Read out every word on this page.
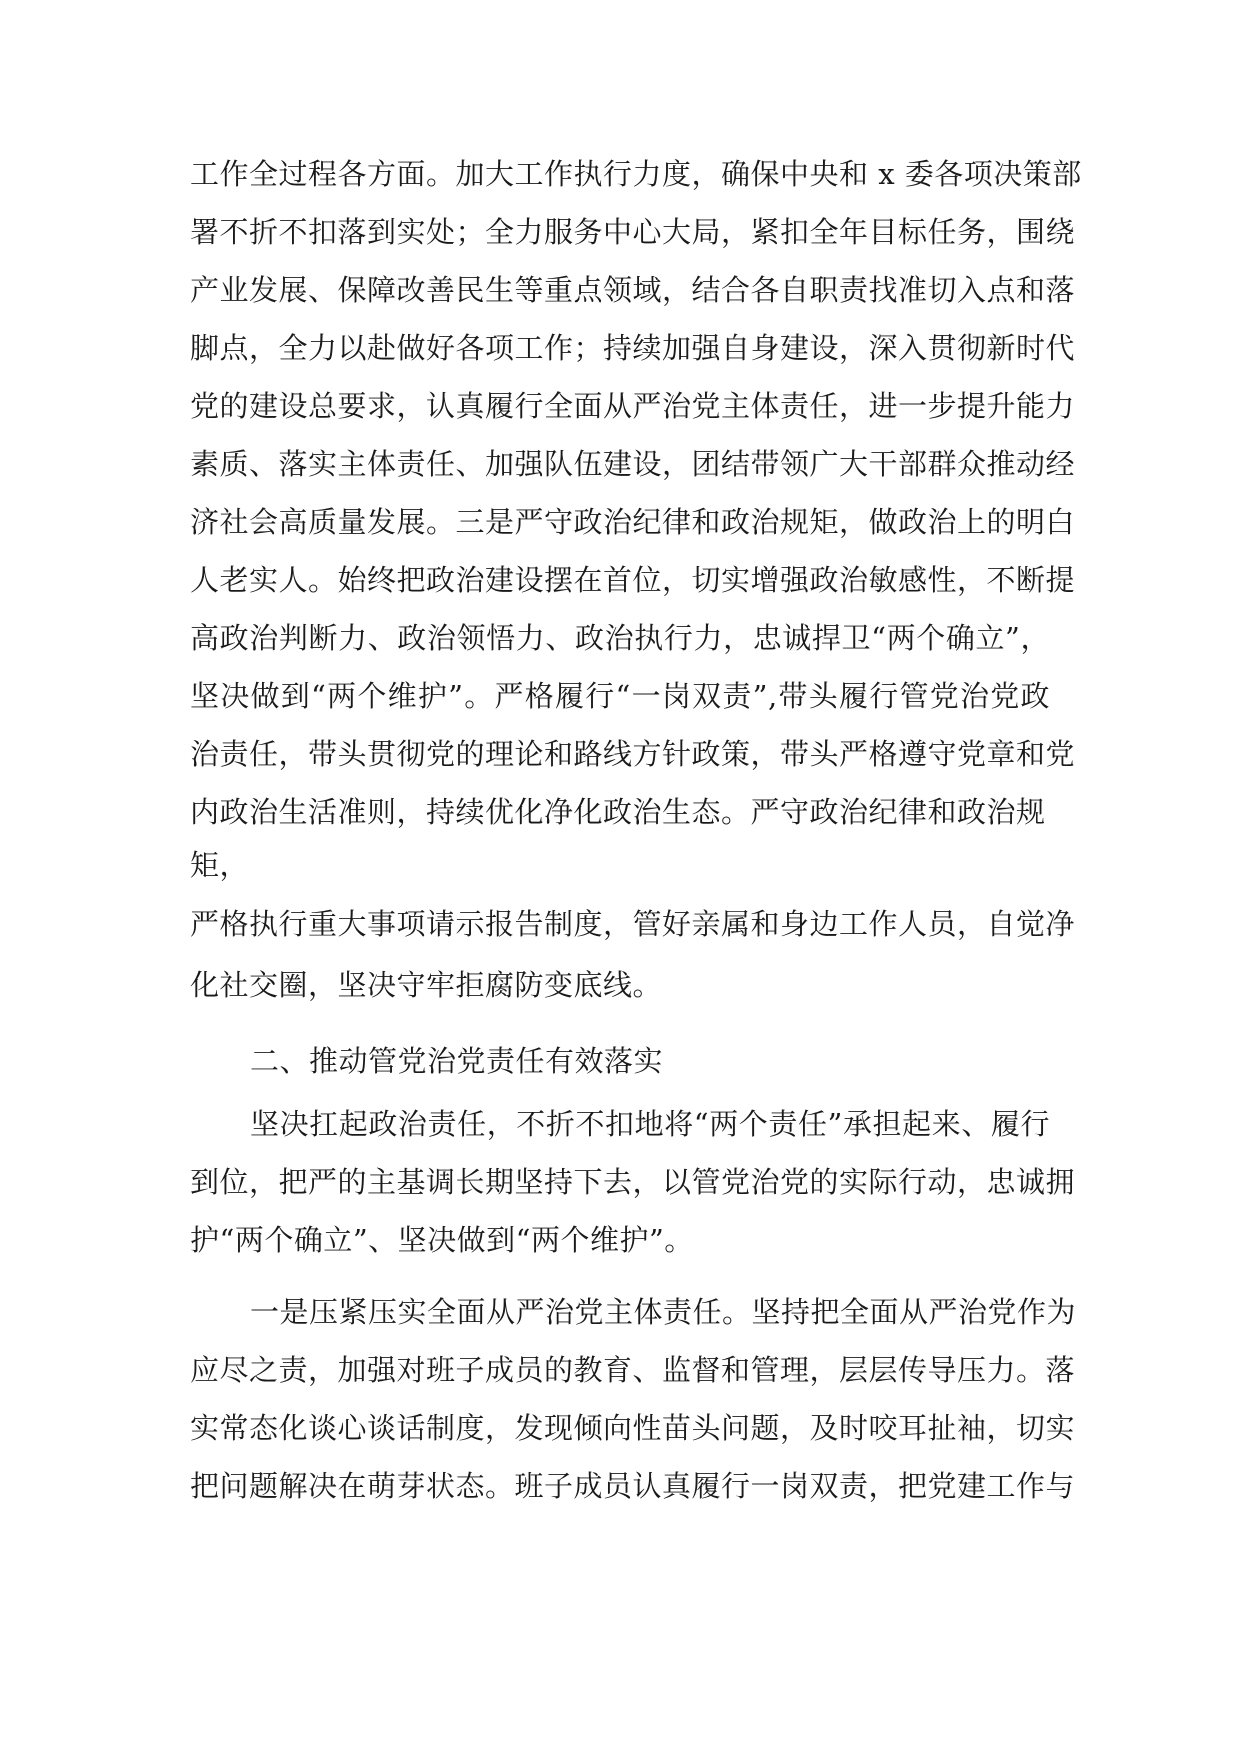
工作全过程各方面。加大工作执行力度，确保中央和 x 委各项决策部
署不折不扣落到实处；全力服务中心大局，紧扣全年目标任务，围绕
产业发展、保障改善民生等重点领域，结合各自职责找准切入点和落
脚点，全力以赴做好各项工作；持续加强自身建设，深入贯彻新时代
党的建设总要求，认真履行全面从严治党主体责任，进一步提升能力
素质、落实主体责任、加强队伍建设，团结带领广大干部群众推动经
济社会高质量发展。三是严守政治纪律和政治规矩，做政治上的明白
人老实人。始终把政治建设摆在首位，切实增强政治敏感性，不断提
高政治判断力、政治领悟力、政治执行力，忠诚捍卫“两个确立”，
坚决做到“两个维护”。严格履行“一岗双责”,带头履行管党治党政
治责任，带头贯彻党的理论和路线方针政策，带头严格遵守党章和党
内政治生活准则，持续优化净化政治生态。严守政治纪律和政治规
矩，
严格执行重大事项请示报告制度，管好亲属和身边工作人员，自觉净
化社交圈，坚决守牢拒腐防变底线。
二、推动管党治党责任有效落实
坚决扛起政治责任，不折不扣地将“两个责任”承担起来、履行
到位，把严的主基调长期坚持下去，以管党治党的实际行动，忠诚拥
护“两个确立”、坚决做到“两个维护”。
一是压紧压实全面从严治党主体责任。坚持把全面从严治党作为
应尽之责，加强对班子成员的教育、监督和管理，层层传导压力。落
实常态化谈心谈话制度，发现倾向性苗头问题，及时咬耳扯袖，切实
把问题解决在萌芽状态。班子成员认真履行一岗双责，把党建工作与
